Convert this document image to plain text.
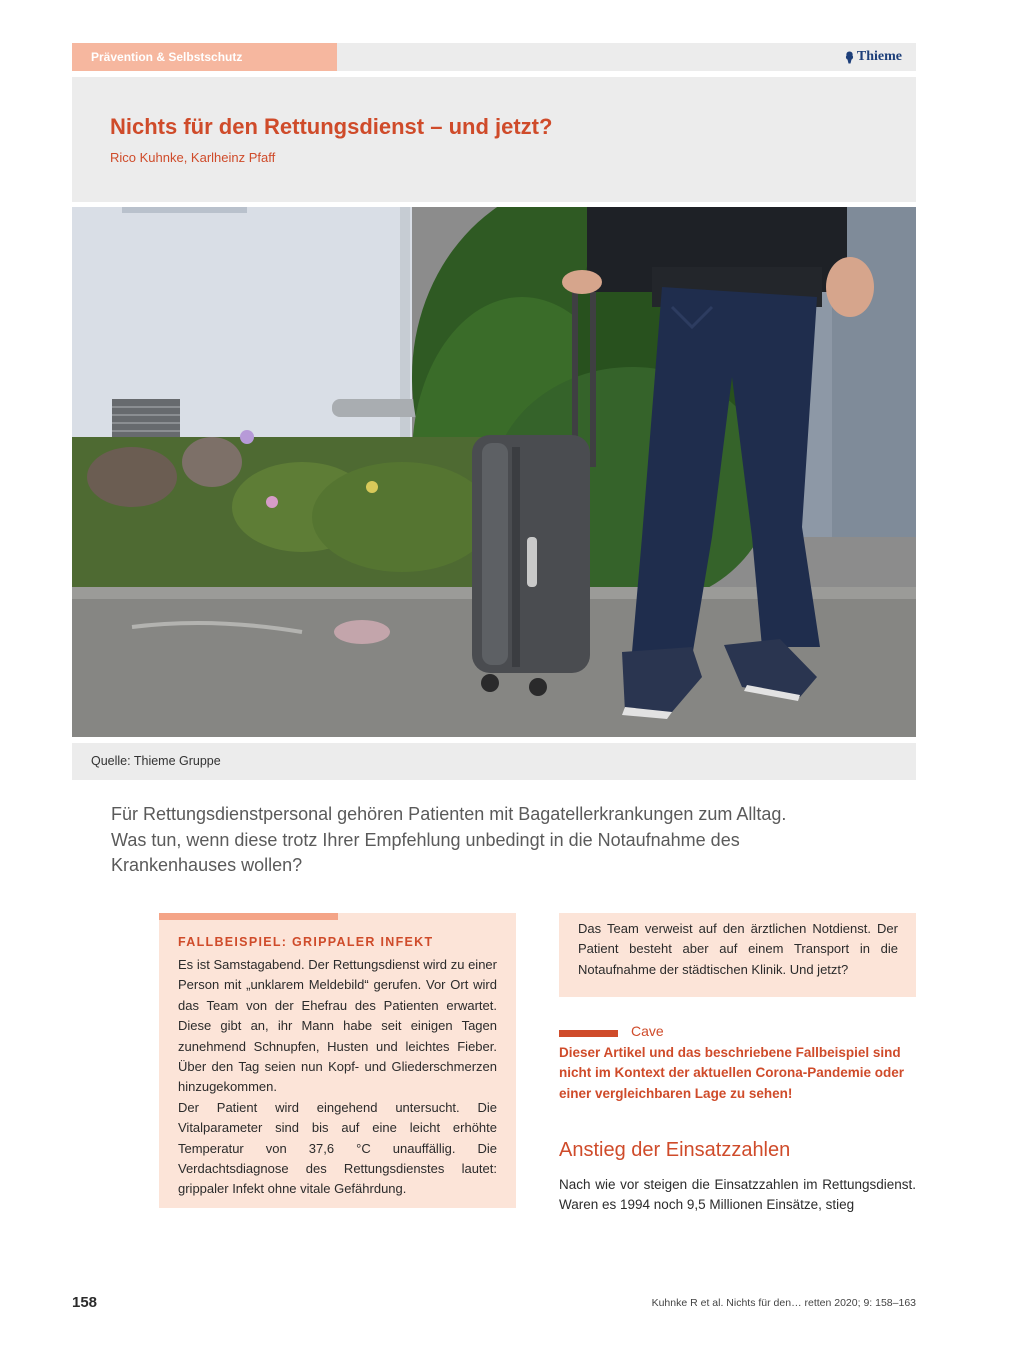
Prävention & Selbstschutz	Thieme
Nichts für den Rettungsdienst – und jetzt?
Rico Kuhnke, Karlheinz Pfaff
Quelle: Thieme Gruppe
Für Rettungsdienstpersonal gehören Patienten mit Bagatellerkrankungen zum Alltag.
Was tun, wenn diese trotz Ihrer Empfehlung unbedingt in die Notaufnahme des
Krankenhauses wollen?
FALLBEISPIEL: GRIPPALER INFEKT

Es ist Samstagabend. Der Rettungsdienst wird zu einer Person mit „unklarem Meldebild“ gerufen. Vor Ort wird das Team von der Ehefrau des Patienten erwartet. Diese gibt an, ihr Mann habe seit einigen Tagen zunehmend Schnupfen, Husten und leichtes Fieber. Über den Tag seien nun Kopf- und Gliederschmerzen hinzugekommen.

Der Patient wird eingehend untersucht. Die Vitalparameter sind bis auf eine leicht erhöhte Temperatur von 37,6 °C unauffällig. Die Verdachtsdiagnose des Rettungsdienstes lautet: grippaler Infekt ohne vitale Gefährdung.

Das Team verweist auf den ärztlichen Notdienst. Der Patient besteht aber auf einem Transport in die Notaufnahme der städtischen Klinik. Und jetzt?
Cave
Dieser Artikel und das beschriebene Fallbeispiel sind nicht im Kontext der aktuellen Corona-Pandemie oder einer vergleichbaren Lage zu sehen!
Anstieg der Einsatzzahlen
Nach wie vor steigen die Einsatzzahlen im Rettungsdienst. Waren es 1994 noch 9,5 Millionen Einsätze, stieg
158	Kuhnke R et al. Nichts für den… retten 2020; 9: 158–163
